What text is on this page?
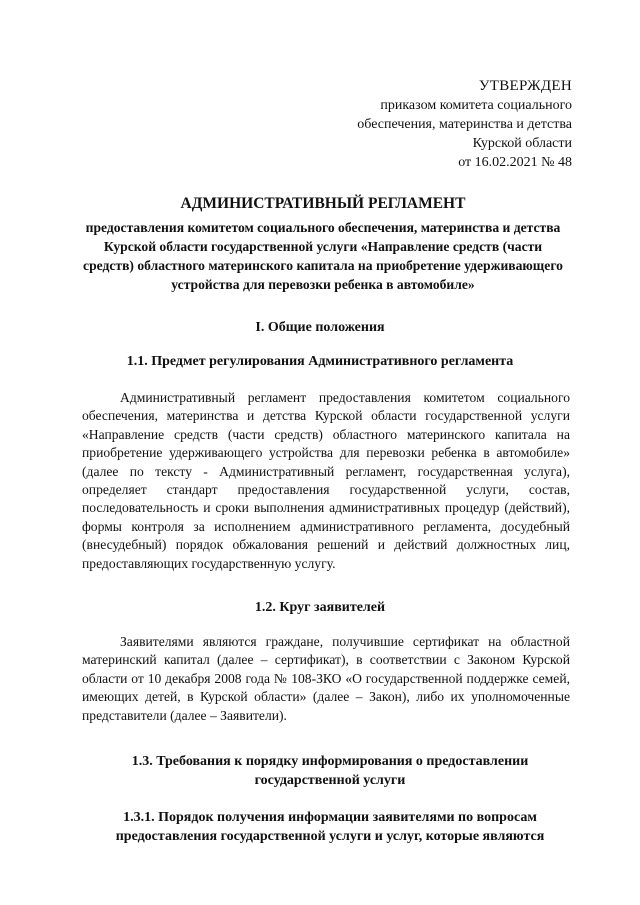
УТВЕРЖДЕН
приказом комитета социального
обеспечения, материнства и детства
Курской области
от 16.02.2021 № 48
АДМИНИСТРАТИВНЫЙ РЕГЛАМЕНТ
предоставления комитетом социального обеспечения, материнства и детства Курской области государственной услуги «Направление средств (части средств) областного материнского капитала на приобретение удерживающего устройства для перевозки ребенка в автомобиле»
I. Общие положения
1.1. Предмет регулирования Административного регламента
Административный регламент предоставления комитетом социального обеспечения, материнства и детства Курской области государственной услуги «Направление средств (части средств) областного материнского капитала на приобретение удерживающего устройства для перевозки ребенка в автомобиле» (далее по тексту - Административный регламент, государственная услуга), определяет стандарт предоставления государственной услуги, состав, последовательность и сроки выполнения административных процедур (действий), формы контроля за исполнением административного регламента, досудебный (внесудебный) порядок обжалования решений и действий должностных лиц, предоставляющих государственную услугу.
1.2. Круг заявителей
Заявителями являются граждане, получившие сертификат на областной материнский капитал (далее – сертификат), в соответствии с Законом Курской области от 10 декабря 2008 года № 108-ЗКО «О государственной поддержке семей, имеющих детей, в Курской области» (далее – Закон), либо их уполномоченные представители (далее – Заявители).
1.3. Требования к порядку информирования о предоставлении государственной услуги
1.3.1. Порядок получения информации заявителями по вопросам предоставления государственной услуги и услуг, которые являются
